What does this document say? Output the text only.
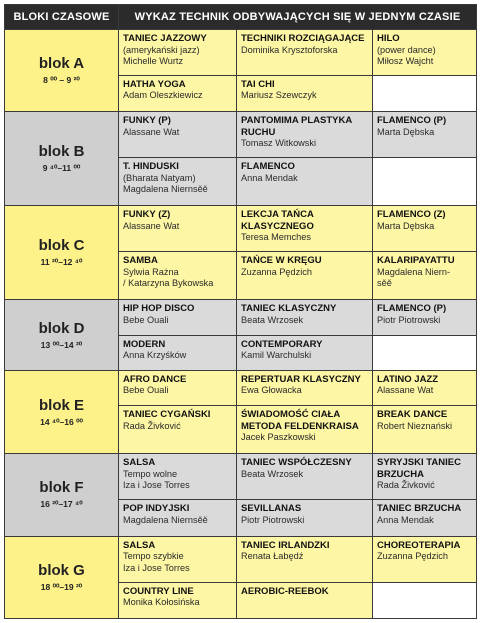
BLOKI CZASOWE	WYKAZ TECHNIK ODBYWAJĄCYCH SIĘ W JEDNYM CZASIE		

blok A
8 ⁰⁰ – 9 ²⁰	TANIEC JAZZOWY
(amerykański jazz)
Michelle Wurtz	TECHNIKI ROZCIĄGAJĄCE
Dominika Krysztoforska	HILO
(power dance)
Miłosz Wajcht

	HATHA YOGA
Adam Oleszkiewicz	TAI CHI
Mariusz Szewczyk	

blok B
9 ⁴⁰–11 ⁰⁰	FUNKY (P)
Alassane Wat	PANTOMIMA PLASTYKA RUCHU
Tomasz Witkowski	FLAMENCO (P)
Marta Dębska

	T. HINDUSKI
(Bharata Natyam)
Magdalena Niernsěě	FLAMENCO
Anna Mendak	

blok C
11 ²⁰–12 ⁴⁰	FUNKY (Z)
Alassane Wat	LEKCJA TAŃCA KLASYCZNEGO
Teresa Memches	FLAMENCO (Z)
Marta Dębska

	SAMBA
Sylwia Rażna
/ Katarzyna Bykowska	TAŃCE W KRĘGU
Zuzanna Pędzich	KALARIPAYATTU
Magdalena Niern-
sěě

blok D
13 ⁰⁰–14 ²⁰	HIP HOP DISCO
Bebe Ouali	TANIEC KLASYCZNY
Beata Wrzosek	FLAMENCO (P)
Piotr Piotrowski

	MODERN
Anna Krzyśków	CONTEMPORARY
Kamil Warchulski	

blok E
14 ⁴⁰–16 ⁰⁰	AFRO DANCE
Bebe Ouali	REPERTUAR KLASYCZNY
Ewa Głowacka	LATINO JAZZ
Alassane Wat

	TANIEC CYGAŃSKI
Rada Živković	ŚWIADOMOŚĆ CIAŁA METODA FELDENKRAISA
Jacek Paszkowski	BREAK DANCE
Robert Nieznański

blok F
16 ²⁰–17 ⁴⁰	SALSA
Tempo wolne
Iza i Jose Torres	TANIEC WSPÓŁCZESNY
Beata Wrzosek	SYRYJSKI TANIEC BRZUCHA
Rada Živković

	POP INDYJSKI
Magdalena Niernsěě	SEVILLANAS
Piotr Piotrowski	TANIEC BRZUCHA
Anna Mendak

blok G
18 ⁰⁰–19 ²⁰	SALSA
Tempo szybkie
Iza i Jose Torres	TANIEC IRLANDZKI
Renata Łabędź	CHOREOTERAPIA
Zuzanna Pędzich

	COUNTRY LINE
Monika Kołosińska	AEROBIC-REEBOK	
